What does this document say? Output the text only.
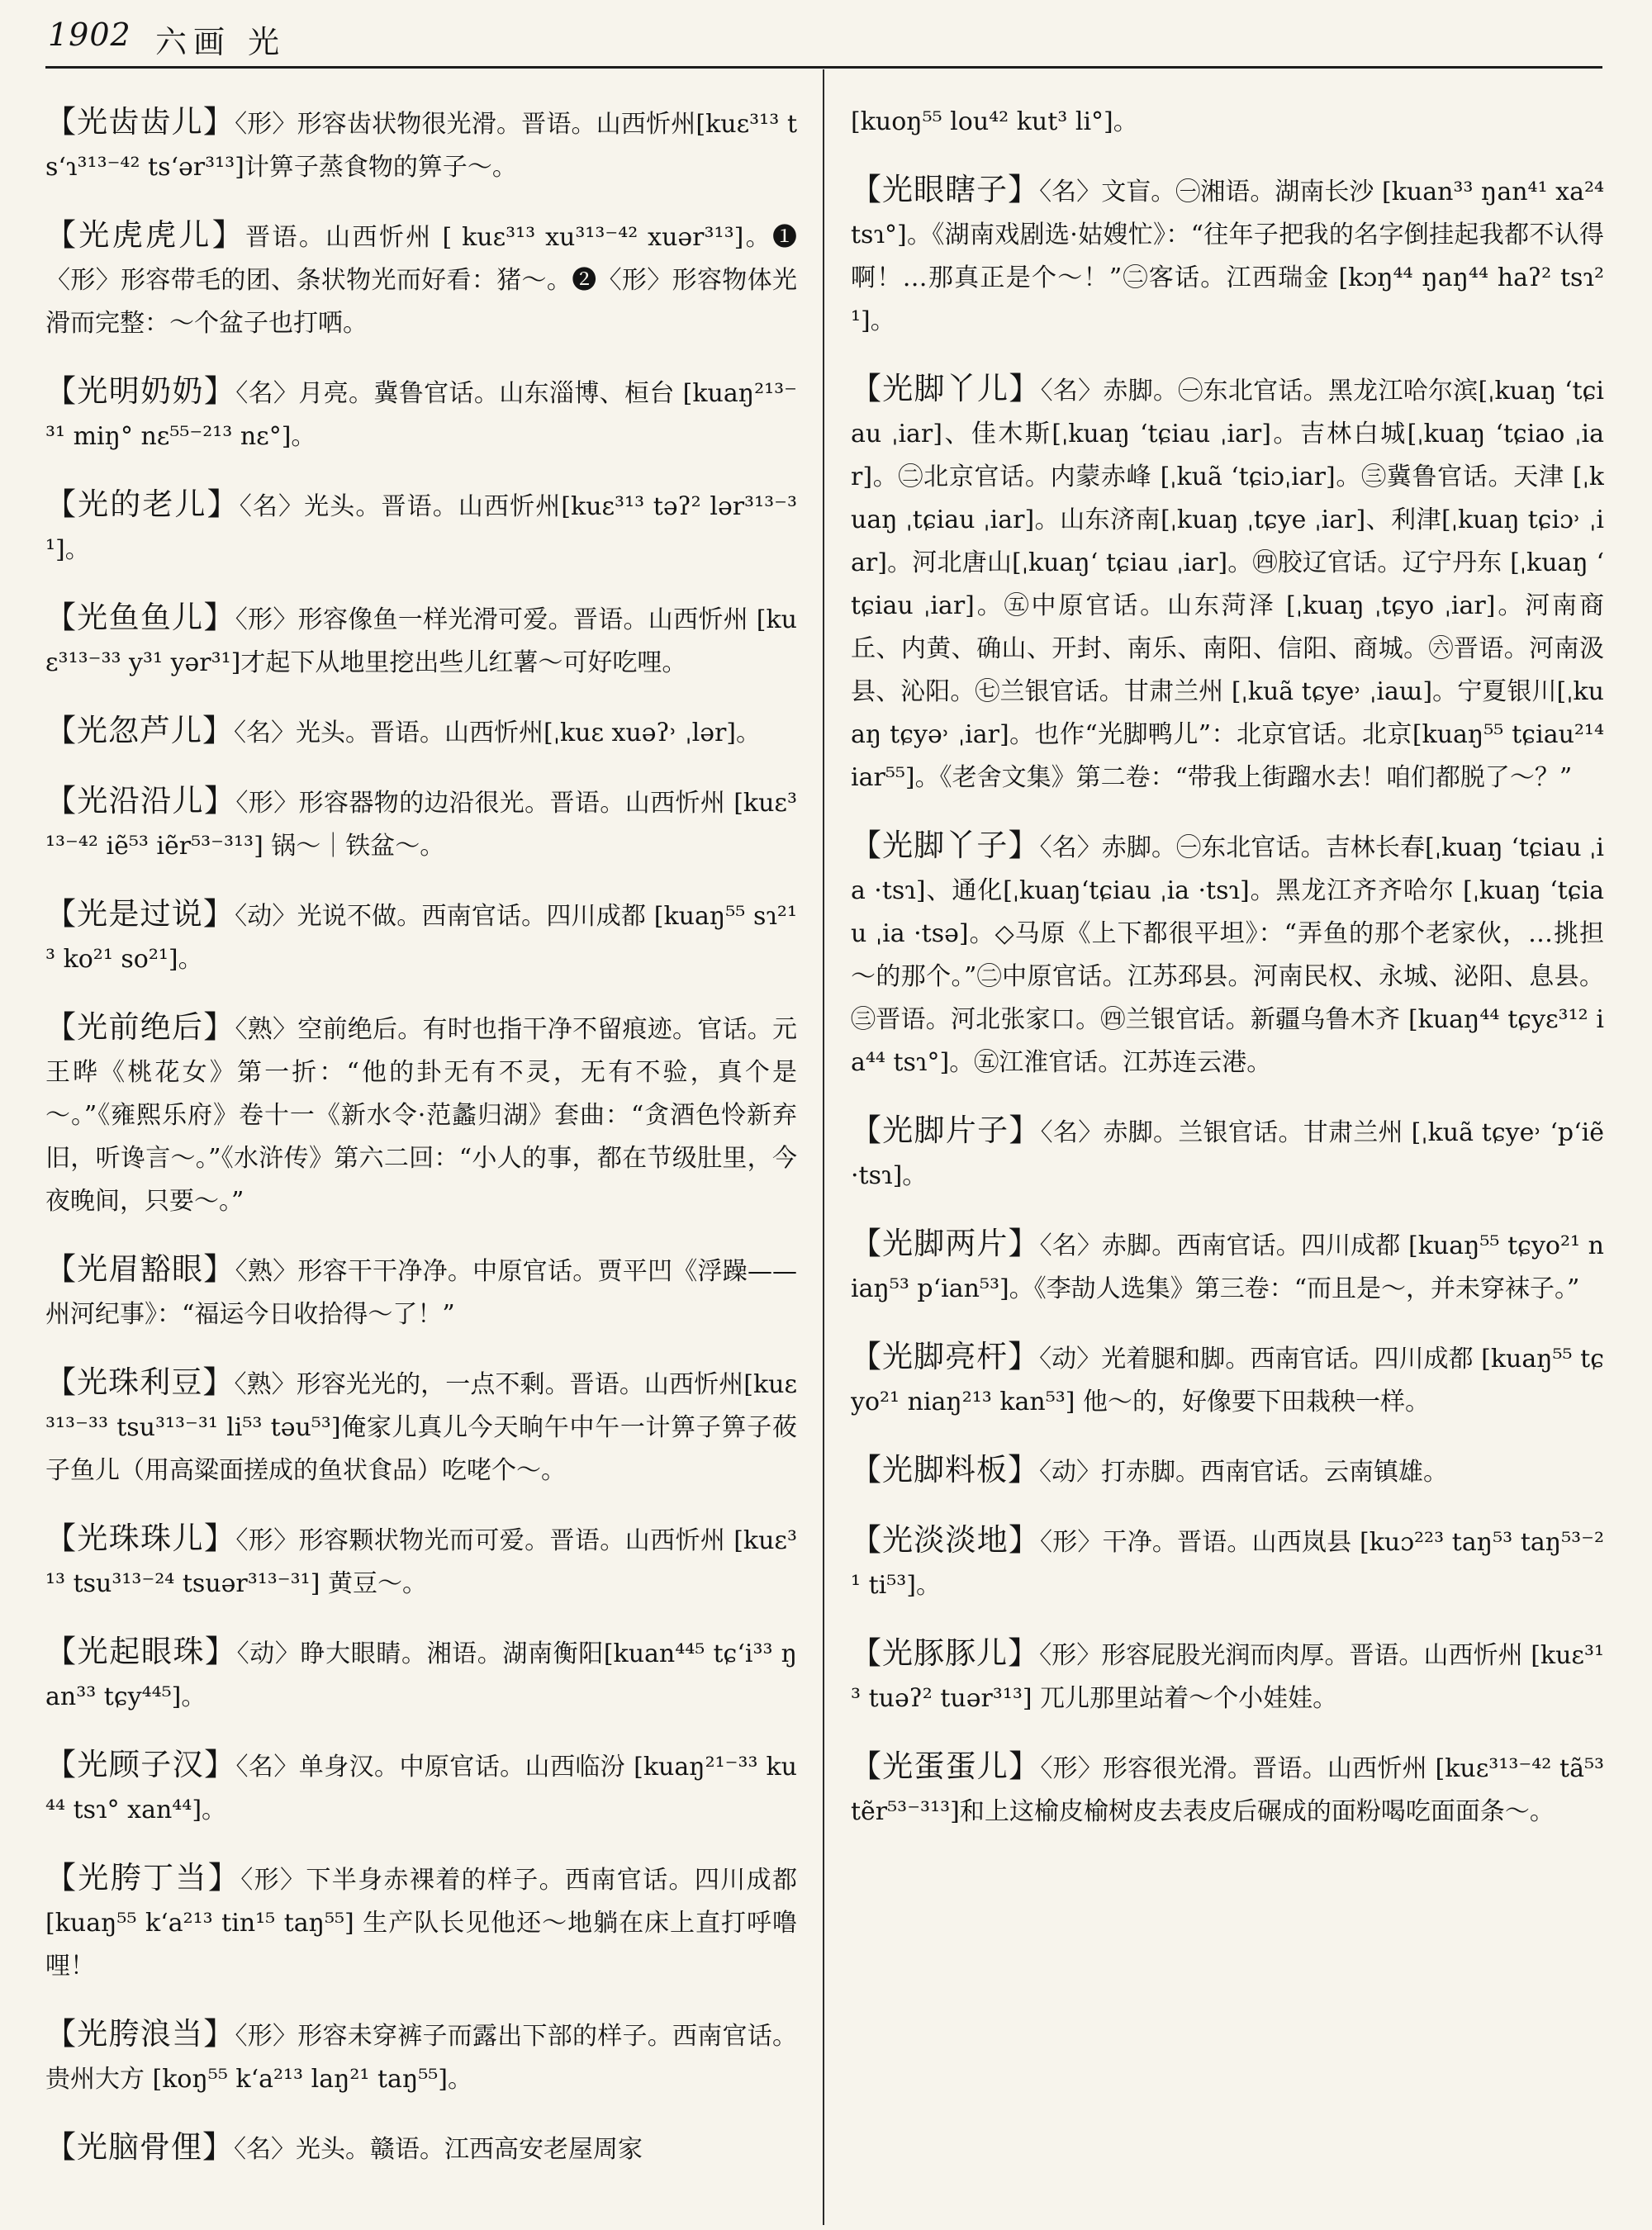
1902 六画 光

【光齿齿儿】〈形〉形容齿状物很光滑。晋语。山西忻州[kuɛ³¹³ tsʻɿ³¹³⁻⁴² tsʻər³¹³]计箅子蒸食物的箅子～。

【光虎虎儿】晋语。山西忻州 [ kuɛ³¹³ xu³¹³⁻⁴² xuər³¹³]。❶〈形〉形容带毛的团、条状物光而好看：猪～。❷〈形〉形容物体光滑而完整：～个盆子也打哂。

【光明奶奶】〈名〉月亮。冀鲁官话。山东淄博、桓台 [kuaŋ²¹³⁻³¹ miŋ° nɛ⁵⁵⁻²¹³ nɛ°]。

【光的老儿】〈名〉光头。晋语。山西忻州[kuɛ³¹³ təʔ² lər³¹³⁻³¹]。

【光鱼鱼儿】〈形〉形容像鱼一样光滑可爱。晋语。山西忻州 [kuɛ³¹³⁻³³ y³¹ yər³¹]才起下从地里挖出些儿红薯～可好吃哩。

【光忽芦儿】〈名〉光头。晋语。山西忻州[ˌkuɛ xuəʔ˒ ˌlər]。

【光沿沿儿】〈形〉形容器物的边沿很光。晋语。山西忻州 [kuɛ³¹³⁻⁴² iẽ⁵³ iẽr⁵³⁻³¹³] 锅～｜铁盆～。

【光是过说】〈动〉光说不做。西南官话。四川成都 [kuaŋ⁵⁵ sɿ²¹³ ko²¹ so²¹]。

【光前绝后】〈熟〉空前绝后。有时也指干净不留痕迹。官话。元王晔《桃花女》第一折：“他的卦无有不灵，无有不验，真个是～。”《雍熙乐府》卷十一《新水令·范蠡归湖》套曲：“贪酒色怜新弃旧，听谗言～。”《水浒传》第六二回：“小人的事，都在节级肚里，今夜晚间，只要～。”

【光眉豁眼】〈熟〉形容干干净净。中原官话。贾平凹《浮躁——州河纪事》：“福运今日收拾得～了！”

【光珠利豆】〈熟〉形容光光的，一点不剩。晋语。山西忻州[kuɛ³¹³⁻³³ tsu³¹³⁻³¹ li⁵³ təu⁵³]俺家儿真儿今天晌午中午一计箅子箅子莜子鱼儿（用高粱面搓成的鱼状食品）吃咾个～。

【光珠珠儿】〈形〉形容颗状物光而可爱。晋语。山西忻州 [kuɛ³¹³ tsu³¹³⁻²⁴ tsuər³¹³⁻³¹] 黄豆～。

【光起眼珠】〈动〉睁大眼睛。湘语。湖南衡阳[kuan⁴⁴⁵ tɕʻi³³ ŋan³³ tɕy⁴⁴⁵]。

【光顾子汉】〈名〉单身汉。中原官话。山西临汾 [kuaŋ²¹⁻³³ ku⁴⁴ tsɿ° xan⁴⁴]。

【光胯丁当】〈形〉下半身赤裸着的样子。西南官话。四川成都 [kuaŋ⁵⁵ kʻa²¹³ tin¹⁵ taŋ⁵⁵] 生产队长见他还～地躺在床上直打呼噜哩！

【光胯浪当】〈形〉形容未穿裤子而露出下部的样子。西南官话。贵州大方 [koŋ⁵⁵ kʻa²¹³ laŋ²¹ taŋ⁵⁵]。

【光脑骨俚】〈名〉光头。赣语。江西高安老屋周家

[kuoŋ⁵⁵ lou⁴² kut³ li°]。

【光眼瞎子】〈名〉文盲。㊀湘语。湖南长沙 [kuan³³ ŋan⁴¹ xa²⁴ tsɿ°]。《湖南戏剧选·姑嫂忙》：“往年子把我的名字倒挂起我都不认得啊！…那真正是个～！”㊁客话。江西瑞金 [kɔŋ⁴⁴ ŋaŋ⁴⁴ haʔ² tsɿ²¹]。

【光脚丫儿】〈名〉赤脚。㊀东北官话。黑龙江哈尔滨[ˌkuaŋ ʻtɕiau ˌiar]、佳木斯[ˌkuaŋ ʻtɕiau ˌiar]。吉林白城[ˌkuaŋ ʻtɕiao ˌiar]。㊁北京官话。内蒙赤峰 [ˌkuã ʻtɕiɔˌiar]。㊂冀鲁官话。天津 [ˌkuaŋ ˌtɕiau ˌiar]。山东济南[ˌkuaŋ ˌtɕye ˌiar]、利津[ˌkuaŋ tɕiɔ˒ ˌiar]。河北唐山[ˌkuaŋʻ tɕiau ˌiar]。㊃胶辽官话。辽宁丹东 [ˌkuaŋ ʻtɕiau ˌiar]。㊄中原官话。山东菏泽 [ˌkuaŋ ˌtɕyo ˌiar]。河南商丘、内黄、确山、开封、南乐、南阳、信阳、商城。㊅晋语。河南汲县、沁阳。㊆兰银官话。甘肃兰州 [ˌkuã tɕye˒ ˌiaɯ]。宁夏银川[ˌkuaŋ tɕyə˒ ˌiar]。也作“光脚鸭儿”：北京官话。北京[kuaŋ⁵⁵ tɕiau²¹⁴ iar⁵⁵]。《老舍文集》第二卷：“带我上街蹓水去！咱们都脱了～？”

【光脚丫子】〈名〉赤脚。㊀东北官话。吉林长春[ˌkuaŋ ʻtɕiau ˌia ·tsɿ]、通化[ˌkuaŋʻtɕiau ˌia ·tsɿ]。黑龙江齐齐哈尔 [ˌkuaŋ ʻtɕiau ˌia ·tsə]。◇马原《上下都很平坦》：“弄鱼的那个老家伙，…挑担～的那个。”㊁中原官话。江苏邳县。河南民权、永城、泌阳、息县。㊂晋语。河北张家口。㊃兰银官话。新疆乌鲁木齐 [kuaŋ⁴⁴ tɕyɛ³¹² ia⁴⁴ tsɿ°]。㊄江淮官话。江苏连云港。

【光脚片子】〈名〉赤脚。兰银官话。甘肃兰州 [ˌkuã tɕye˒ ʻpʻiẽ ·tsɿ]。

【光脚两片】〈名〉赤脚。西南官话。四川成都 [kuaŋ⁵⁵ tɕyo²¹ niaŋ⁵³ pʻian⁵³]。《李劼人选集》第三卷：“而且是～，并未穿袜子。”

【光脚亮杆】〈动〉光着腿和脚。西南官话。四川成都 [kuaŋ⁵⁵ tɕyo²¹ niaŋ²¹³ kan⁵³] 他～的，好像要下田栽秧一样。

【光脚料板】〈动〉打赤脚。西南官话。云南镇雄。

【光淡淡地】〈形〉干净。晋语。山西岚县 [kuɔ²²³ taŋ⁵³ taŋ⁵³⁻²¹ ti⁵³]。

【光豚豚儿】〈形〉形容屁股光润而肉厚。晋语。山西忻州 [kuɛ³¹³ tuəʔ² tuər³¹³] 兀儿那里站着～个小娃娃。

【光蛋蛋儿】〈形〉形容很光滑。晋语。山西忻州 [kuɛ³¹³⁻⁴² tã⁵³ tẽr⁵³⁻³¹³]和上这榆皮榆树皮去表皮后碾成的面粉喝吃面面条～。
